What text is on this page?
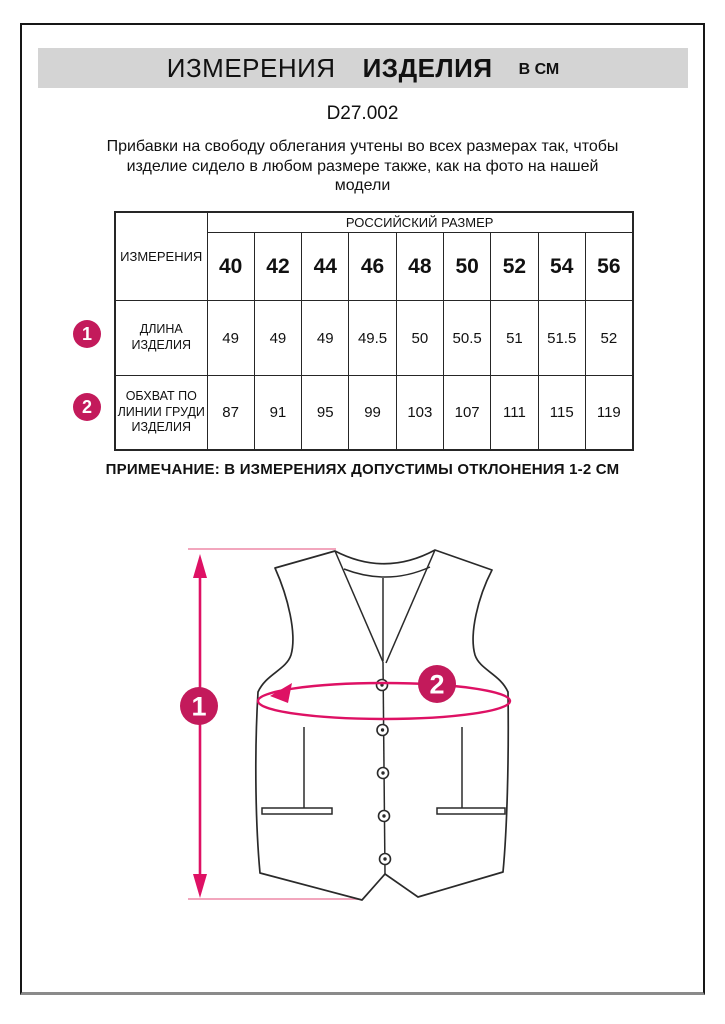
ИЗМЕРЕНИЯ ИЗДЕЛИЯ В СМ
D27.002
Прибавки на свободу облегания учтены во всех размерах так, чтобы изделие сидело в любом размере также, как на фото на нашей модели
ИЗМЕРЕНИЯ	РОССИЙСКИЙ РАЗМЕР								
	40	42	44	46	48	50	52	54	56
ДЛИНА ИЗДЕЛИЯ	49	49	49	49.5	50	50.5	51	51.5	52
ОБХВАТ ПО ЛИНИИ ГРУДИ ИЗДЕЛИЯ	87	91	95	99	103	107	111	115	119
1
2
ПРИМЕЧАНИЕ: В ИЗМЕРЕНИЯХ ДОПУСТИМЫ ОТКЛОНЕНИЯ 1-2 СМ
1
2
